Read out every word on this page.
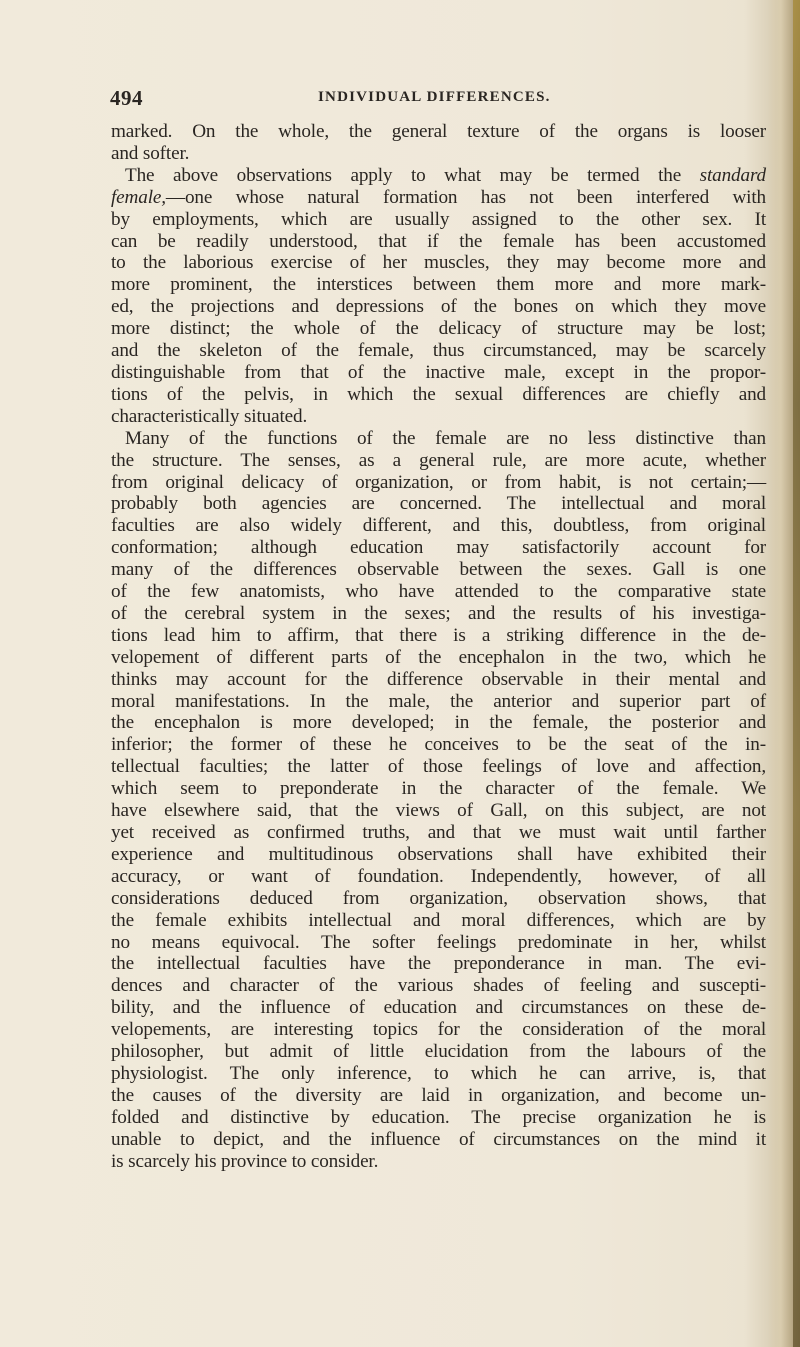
494	INDIVIDUAL DIFFERENCES.
marked. On the whole, the general texture of the organs is looser
and softer.
The above observations apply to what may be termed the standard
female,—one whose natural formation has not been interfered with
by employments, which are usually assigned to the other sex. It
can be readily understood, that if the female has been accustomed
to the laborious exercise of her muscles, they may become more and
more prominent, the interstices between them more and more mark-
ed, the projections and depressions of the bones on which they move
more distinct; the whole of the delicacy of structure may be lost;
and the skeleton of the female, thus circumstanced, may be scarcely
distinguishable from that of the inactive male, except in the propor-
tions of the pelvis, in which the sexual differences are chiefly and
characteristically situated.
Many of the functions of the female are no less distinctive than
the structure. The senses, as a general rule, are more acute, whether
from original delicacy of organization, or from habit, is not certain;—
probably both agencies are concerned. The intellectual and moral
faculties are also widely different, and this, doubtless, from original
conformation; although education may satisfactorily account for
many of the differences observable between the sexes. Gall is one
of the few anatomists, who have attended to the comparative state
of the cerebral system in the sexes; and the results of his investiga-
tions lead him to affirm, that there is a striking difference in the de-
velopement of different parts of the encephalon in the two, which he
thinks may account for the difference observable in their mental and
moral manifestations. In the male, the anterior and superior part of
the encephalon is more developed; in the female, the posterior and
inferior; the former of these he conceives to be the seat of the in-
tellectual faculties; the latter of those feelings of love and affection,
which seem to preponderate in the character of the female. We
have elsewhere said, that the views of Gall, on this subject, are not
yet received as confirmed truths, and that we must wait until farther
experience and multitudinous observations shall have exhibited their
accuracy, or want of foundation. Independently, however, of all
considerations deduced from organization, observation shows, that
the female exhibits intellectual and moral differences, which are by
no means equivocal. The softer feelings predominate in her, whilst
the intellectual faculties have the preponderance in man. The evi-
dences and character of the various shades of feeling and suscepti-
bility, and the influence of education and circumstances on these de-
velopements, are interesting topics for the consideration of the moral
philosopher, but admit of little elucidation from the labours of the
physiologist. The only inference, to which he can arrive, is, that
the causes of the diversity are laid in organization, and become un-
folded and distinctive by education. The precise organization he is
unable to depict, and the influence of circumstances on the mind it
is scarcely his province to consider.
